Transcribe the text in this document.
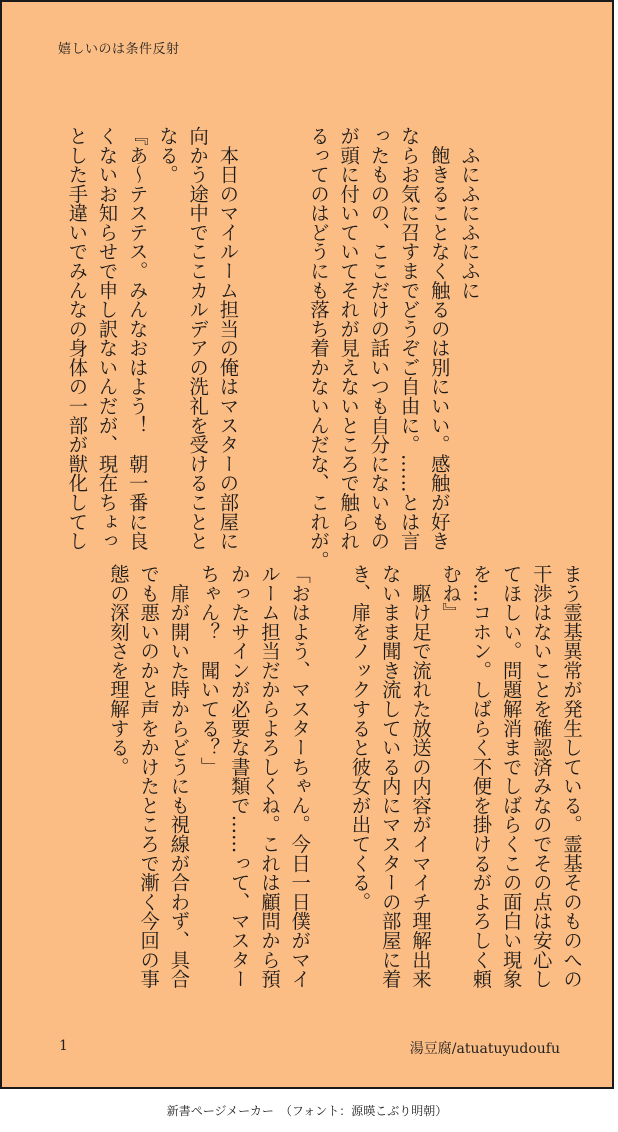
嬉しいのは条件反射
　ふにふにふにふに
　飽きることなく触るのは別にいい。感触が好き
ならお気に召すまでどうぞご自由に。……とは言
ったものの、ここだけの話いつも自分にないもの
が頭に付いていてそれが見えないところで触られ
るってのはどうにも落ち着かないんだな、これが。

　本日のマイルーム担当の俺はマスターの部屋に
向かう途中でここカルデアの洗礼を受けることと
なる。
『あ〜テステス。みんなおはよう！　朝一番に良
くないお知らせで申し訳ないんだが、現在ちょっ
とした手違いでみんなの身体の一部が獣化してし
まう霊基異常が発生している。霊基そのものへの
干渉はないことを確認済みなのでその点は安心し
てほしい。問題解消までしばらくこの面白い現象
を…コホン。しばらく不便を掛けるがよろしく頼
むね』
　駆け足で流れた放送の内容がイマイチ理解出来
ないまま聞き流している内にマスターの部屋に着
き、扉をノックすると彼女が出てくる。

「おはよう、マスターちゃん。今日一日僕がマイ
ルーム担当だからよろしくね。これは顧問から預
かったサインが必要な書類で……って、マスター
ちゃん？　聞いてる？」
　扉が開いた時からどうにも視線が合わず、具合
でも悪いのかと声をかけたところで漸く今回の事
態の深刻さを理解する。
1	湯豆腐/atuatuyudoufu
新書ページメーカー　（フォント：源暎こぶり明朝）
